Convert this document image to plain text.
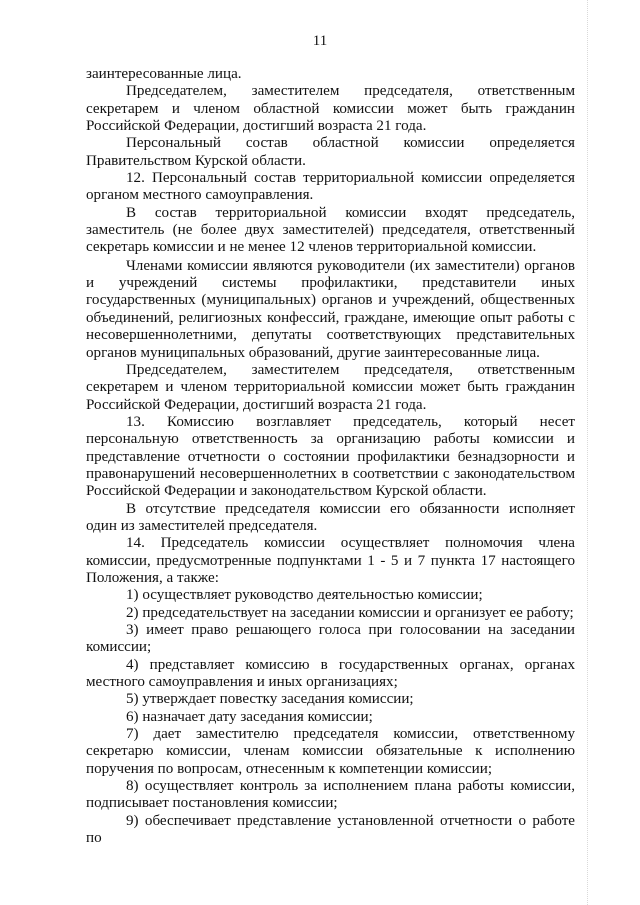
11

заинтересованные лица.

Председателем, заместителем председателя, ответственным секретарем и членом областной комиссии может быть гражданин Российской Федерации, достигший возраста 21 года.

Персональный состав областной комиссии определяется Правительством Курской области.

12. Персональный состав территориальной комиссии определяется органом местного самоуправления.

В состав территориальной комиссии входят председатель, заместитель (не более двух заместителей) председателя, ответственный секретарь комиссии и не менее 12 членов территориальной комиссии.

Членами комиссии являются руководители (их заместители) органов и учреждений системы профилактики, представители иных государственных (муниципальных) органов и учреждений, общественных объединений, религиозных конфессий, граждане, имеющие опыт работы с несовершеннолетними, депутаты соответствующих представительных органов муниципальных образований, другие заинтересованные лица.

Председателем, заместителем председателя, ответственным секретарем и членом территориальной комиссии может быть гражданин Российской Федерации, достигший возраста 21 года.

13. Комиссию возглавляет председатель, который несет персональную ответственность за организацию работы комиссии и представление отчетности о состоянии профилактики безнадзорности и правонарушений несовершеннолетних в соответствии с законодательством Российской Федерации и законодательством Курской области.

В отсутствие председателя комиссии его обязанности исполняет один из заместителей председателя.

14. Председатель комиссии осуществляет полномочия члена комиссии, предусмотренные подпунктами 1 - 5 и 7 пункта 17 настоящего Положения, а также:

1) осуществляет руководство деятельностью комиссии;

2) председательствует на заседании комиссии и организует ее работу;

3) имеет право решающего голоса при голосовании на заседании комиссии;

4) представляет комиссию в государственных органах, органах местного самоуправления и иных организациях;

5) утверждает повестку заседания комиссии;

6) назначает дату заседания комиссии;

7) дает заместителю председателя комиссии, ответственному секретарю комиссии, членам комиссии обязательные к исполнению поручения по вопросам, отнесенным к компетенции комиссии;

8) осуществляет контроль за исполнением плана работы комиссии, подписывает постановления комиссии;

9) обеспечивает представление установленной отчетности о работе по
